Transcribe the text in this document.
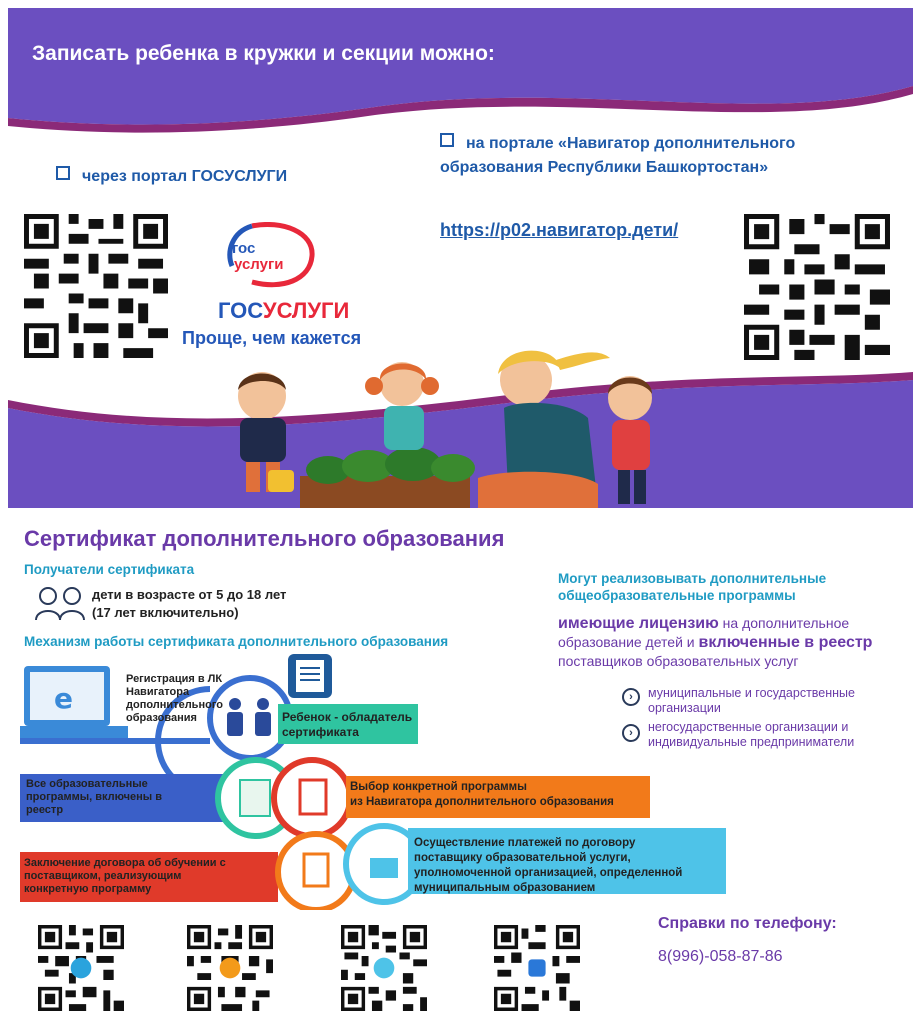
Записать ребенка в кружки и секции можно:
через портал ГОСУСЛУГИ
на портале «Навигатор дополнительного
образования Республики Башкортостан»
https://p02.навигатор.дети/
гос
услуги
ГОСУСЛУГИ
Проще, чем кажется
Сертификат дополнительного образования
Получатели сертификата
дети в возрасте от 5 до 18 лет
(17 лет включительно)
Механизм работы сертификата дополнительного образования
Могут реализовывать дополнительные
общеобразовательные программы
имеющие лицензию на дополнительное
образование детей и включенные в реестр
поставщиков образовательных услуг
›	муниципальные и государственные
организации
›	негосударственные организации и
индивидуальные предприниматели
e
Регистрация в ЛК
Навигатора
дополнительного
образования	Ребенок - обладатель
сертификата
Все образовательные
программы, включены в
реестр
Выбор конкретной программы
из Навигатора дополнительного образования
Заключение договора об обучении с
поставщиком, реализующим
конкретную программу
Осуществление платежей по договору
поставщику образовательной услуги,
уполномоченной организацией, определенной
муниципальным образованием
Справки по телефону:
8(996)-058-87-86
